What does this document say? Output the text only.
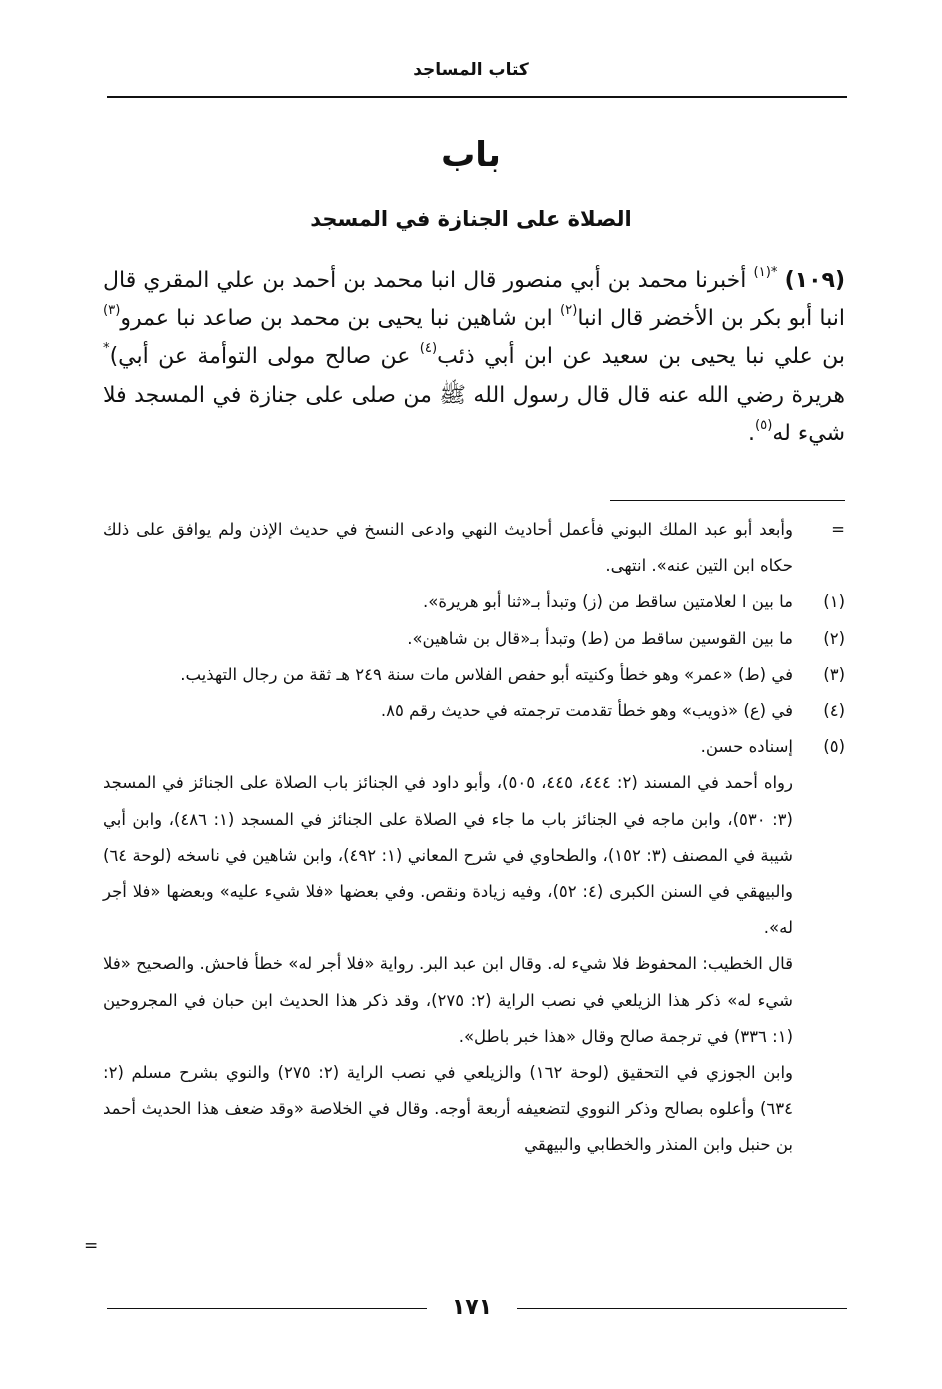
كتاب المساجد
باب
الصلاة على الجنازة في المسجد

(١٠٩) $^{*(١)}$ أخبرنا محمد بن أبي منصور قال انبا محمد بن أحمد بن علي المقري قال انبا أبو بكر بن الأخضر قال انبا$^{(٢)}$ ابن شاهين نبا يحيى بن محمد بن صاعد نبا عمرو$^{(٣)}$ بن علي نبا يحيى بن سعيد عن ابن أبي ذئب$^{(٤)}$ عن صالح مولى التوأمة عن أبي)* هريرة رضي الله عنه قال قال رسول الله ﷺ من صلى على جنازة في المسجد فلا شيء له$^{(٥)}$.

=
وأبعد أبو عبد الملك البوني فأعمل أحاديث النهي وادعى النسخ في حديث الإذن ولم يوافق على ذلك حكاه ابن التين عنه». انتهى.
(١)
ما بين ا لعلامتين ساقط من (ز) وتبدأ بـ«ثنا أبو هريرة».
(٢)
ما بين القوسين ساقط من (ط) وتبدأ بـ«قال بن شاهين».
(٣)
في (ط) «عمر» وهو خطأ وكنيته أبو حفص الفلاس مات سنة ٢٤٩ هـ ثقة من رجال التهذيب.
(٤)
في (ع) «ذويب» وهو خطأ تقدمت ترجمته في حديث رقم ٨٥.
(٥)
إسناده حسن.
رواه أحمد في المسند (٢: ٤٤٤، ٤٤٥، ٥٠٥)، وأبو داود في الجنائز باب الصلاة على الجنائز في المسجد (٣: ٥٣٠)، وابن ماجه في الجنائز باب ما جاء في الصلاة على الجنائز في المسجد (١: ٤٨٦)، وابن أبي شيبة في المصنف (٣: ١٥٢)، والطحاوي في شرح المعاني (١: ٤٩٢)، وابن شاهين في ناسخه (لوحة ٦٤) والبيهقي في السنن الكبرى (٤: ٥٢)، وفيه زيادة ونقص. وفي بعضها «فلا شيء عليه» وبعضها «فلا أجر له».
قال الخطيب: المحفوظ فلا شيء له. وقال ابن عبد البر. رواية «فلا أجر له» خطأ فاحش. والصحيح «فلا شيء له» ذكر هذا الزيلعي في نصب الراية (٢: ٢٧٥)، وقد ذكر هذا الحديث ابن حبان في المجروحين (١: ٣٣٦) في ترجمة صالح وقال «هذا خبر باطل».
وابن الجوزي في التحقيق (لوحة ١٦٢) والزيلعي في نصب الراية (٢: ٢٧٥) والنوي بشرح مسلم (٢: ٦٣٤) وأعلوه بصالح وذكر النووي لتضعيفه أربعة أوجه. وقال في الخلاصة «وقد ضعف هذا الحديث أحمد بن حنبل وابن المنذر والخطابي والبيهقي
=
١٧١
